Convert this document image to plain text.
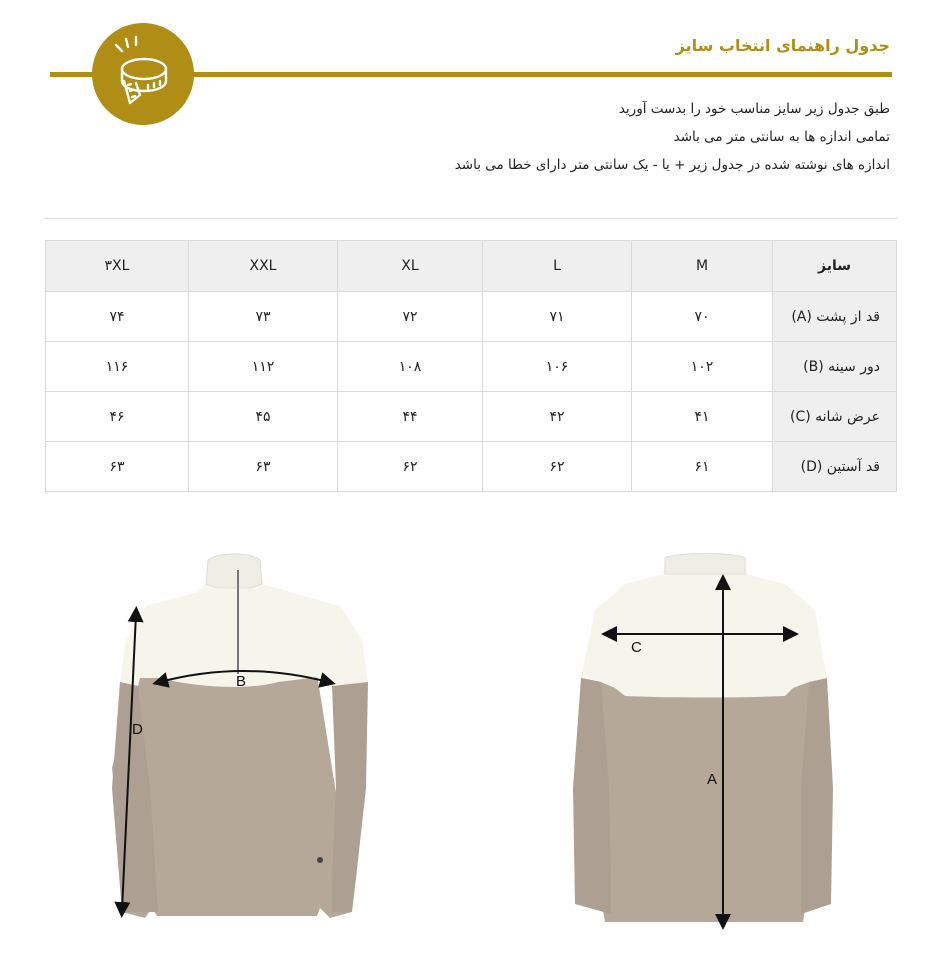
جدول راهنمای انتخاب سایز
طبق جدول زیر سایز مناسب خود را بدست آورید
تمامی اندازه ها به سانتی متر می باشد
اندازه های نوشته شده در جدول زیر + یا - یک سانتی متر دارای خطا می باشد
سایز	M	L	XL	XXL	۳XL
قد از پشت (A)	۷۰	۷۱	۷۲	۷۳	۷۴
دور سینه (B)	۱۰۲	۱۰۶	۱۰۸	۱۱۲	۱۱۶
عرض شانه (C)	۴۱	۴۲	۴۴	۴۵	۴۶
قد آستین (D)	۶۱	۶۲	۶۲	۶۳	۶۳
B
D
C
A
